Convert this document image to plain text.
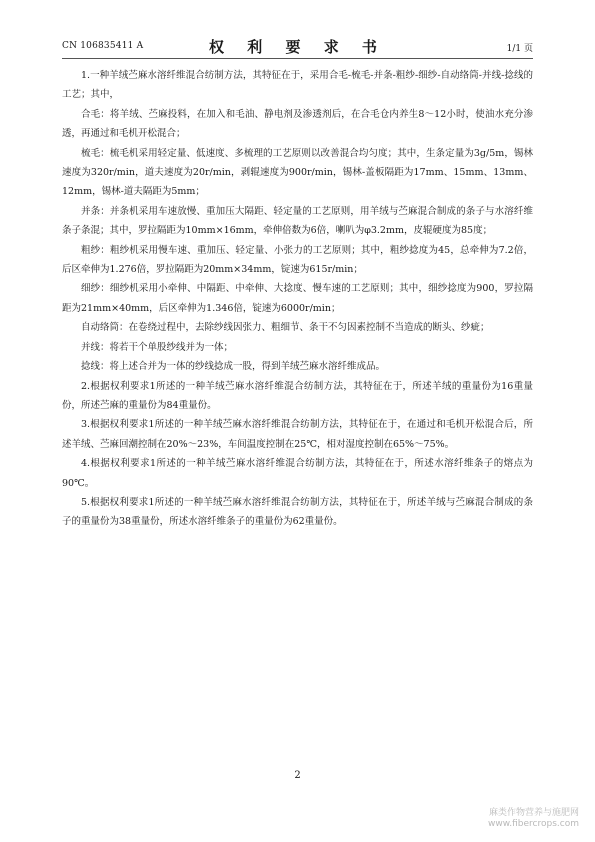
CN 106835411 A	权 利 要 求 书	1/1 页

1.一种羊绒苎麻水溶纤维混合纺制方法，其特征在于，采用合毛-梳毛-并条-粗纱-细纱-自动络筒-并线-捻线的工艺；其中，

合毛：将羊绒、苎麻投料，在加入和毛油、静电剂及渗透剂后，在合毛仓内养生8～12小时，使油水充分渗透，再通过和毛机开松混合；

梳毛：梳毛机采用轻定量、低速度、多梳理的工艺原则以改善混合均匀度；其中，生条定量为3g/5m，锡林速度为320r/min，道夫速度为20r/min，剥辊速度为900r/min，锡林-盖板隔距为17mm、15mm、13mm、12mm，锡林-道夫隔距为5mm；

并条：并条机采用车速放慢、重加压大隔距、轻定量的工艺原则，用羊绒与苎麻混合制成的条子与水溶纤维条子条混；其中，罗拉隔距为10mm×16mm，牵伸倍数为6倍，喇叭为φ3.2mm，皮辊硬度为85度；

粗纱：粗纱机采用慢车速、重加压、轻定量、小张力的工艺原则；其中，粗纱捻度为45，总牵伸为7.2倍，后区牵伸为1.276倍，罗拉隔距为20mm×34mm，锭速为615r/min；

细纱：细纱机采用小牵伸、中隔距、中牵伸、大捻度、慢车速的工艺原则；其中，细纱捻度为900，罗拉隔距为21mm×40mm，后区牵伸为1.346倍，锭速为6000r/min；

自动络筒：在卷绕过程中，去除纱线因张力、粗细节、条干不匀因素控制不当造成的断头、纱疵；

并线：将若干个单股纱线并为一体；

捻线：将上述合并为一体的纱线捻成一股，得到羊绒苎麻水溶纤维成品。

2.根据权利要求1所述的一种羊绒苎麻水溶纤维混合纺制方法，其特征在于，所述羊绒的重量份为16重量份，所述苎麻的重量份为84重量份。

3.根据权利要求1所述的一种羊绒苎麻水溶纤维混合纺制方法，其特征在于，在通过和毛机开松混合后，所述羊绒、苎麻回潮控制在20%～23%，车间温度控制在25℃，相对湿度控制在65%～75%。

4.根据权利要求1所述的一种羊绒苎麻水溶纤维混合纺制方法，其特征在于，所述水溶纤维条子的熔点为90℃。

5.根据权利要求1所述的一种羊绒苎麻水溶纤维混合纺制方法，其特征在于，所述羊绒与苎麻混合制成的条子的重量份为38重量份，所述水溶纤维条子的重量份为62重量份。

2
麻类作物营养与施肥网
www.fibercrops.com
